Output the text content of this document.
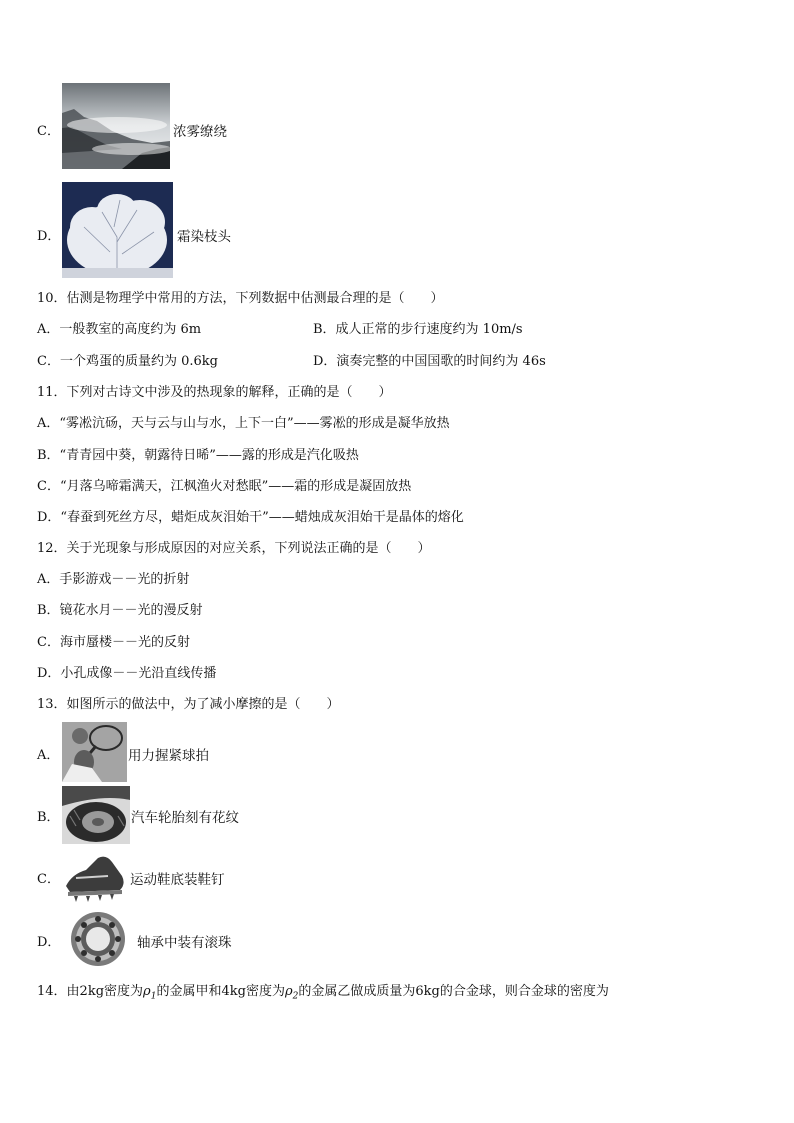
C．	浓雾缭绕
D．	霜染枝头
10．估测是物理学中常用的方法，下列数据中估测最合理的是（　　）
A．一般教室的高度约为 6m	B．成人正常的步行速度约为 10m/s
C．一个鸡蛋的质量约为 0.6kg	D．演奏完整的中国国歌的时间约为 46s
11．下列对古诗文中涉及的热现象的解释，正确的是（　　）
A．“雾凇沆砀，天与云与山与水，上下一白”——雾凇的形成是凝华放热
B．“青青园中葵，朝露待日晞”——露的形成是汽化吸热
C．“月落乌啼霜满天，江枫渔火对愁眠”——霜的形成是凝固放热
D．“春蚕到死丝方尽，蜡炬成灰泪始干”——蜡烛成灰泪始干是晶体的熔化
12．关于光现象与形成原因的对应关系，下列说法正确的是（　　）
A．手影游戏－－光的折射
B．镜花水月－－光的漫反射
C．海市蜃楼－－光的反射
D．小孔成像－－光沿直线传播
13．如图所示的做法中，为了减小摩擦的是（　　）
A．	用力握紧球拍
B．	汽车轮胎刻有花纹
C．	运动鞋底装鞋钉
D．	轴承中装有滚珠
14．由2kg密度为$\rho_1$的金属甲和4kg密度为$\rho_2$的金属乙做成质量为6kg的合金球，则合金球的密度为
